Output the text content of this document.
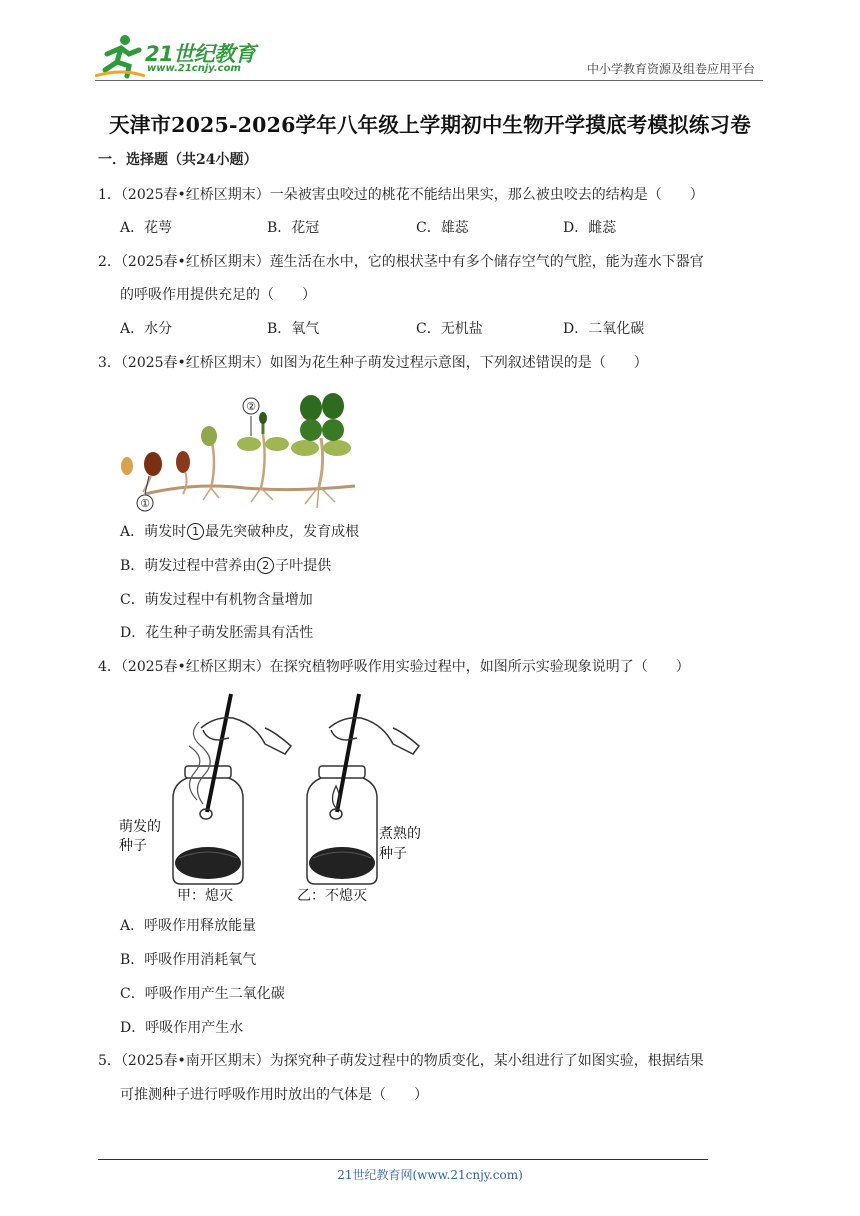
21世纪教育
www.21cnjy.com	中小学教育资源及组卷应用平台
天津市2025-2026学年八年级上学期初中生物开学摸底考模拟练习卷
一．选择题（共24小题）
1．（2025春•红桥区期末）一朵被害虫咬过的桃花不能结出果实，那么被虫咬去的结构是（　　）
A．花萼	B．花冠	C．雄蕊	D．雌蕊
2．（2025春•红桥区期末）莲生活在水中，它的根状茎中有多个储存空气的气腔，能为莲水下器官
的呼吸作用提供充足的（　　）
A．水分	B．氧气	C．无机盐	D．二氧化碳
3．（2025春•红桥区期末）如图为花生种子萌发过程示意图，下列叙述错误的是（　　）
②
①
A．萌发时 1 最先突破种皮，发育成根
B．萌发过程中营养由 2 子叶提供
C．萌发过程中有机物含量增加
D．花生种子萌发胚需具有活性
4．（2025春•红桥区期末）在探究植物呼吸作用实验过程中，如图所示实验现象说明了（　　）
萌发的
种子
煮熟的
种子
甲：熄灭	乙：不熄灭
A．呼吸作用释放能量
B．呼吸作用消耗氧气
C．呼吸作用产生二氧化碳
D．呼吸作用产生水
5．（2025春•南开区期末）为探究种子萌发过程中的物质变化，某小组进行了如图实验，根据结果
可推测种子进行呼吸作用时放出的气体是（　　）
21世纪教育网(www.21cnjy.com)
